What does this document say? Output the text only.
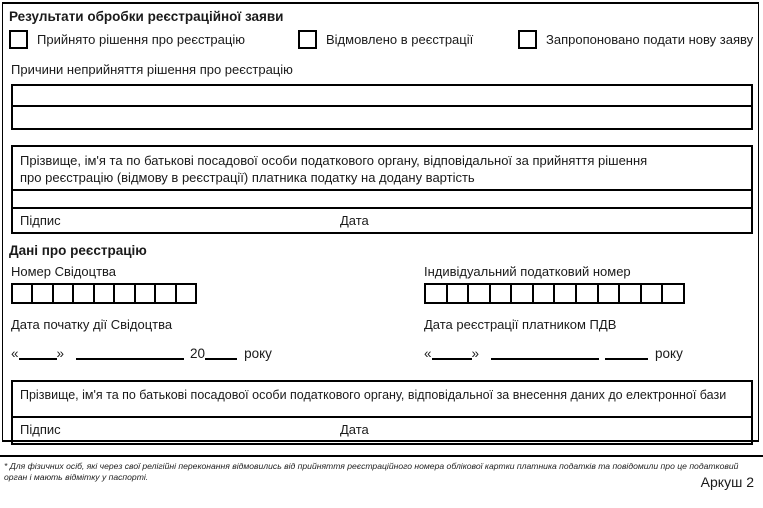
Результати обробки реєстраційної заяви
Прийнято рішення про реєстрацію	Відмовлено в реєстрації	Запропоновано подати нову заяву
Причини неприйняття рішення про реєстрацію
Прізвище, ім'я та по батькові посадової особи податкового органу, відповідальної за прийняття рішення про реєстрацію (відмову в реєстрації) платника податку на додану вартість
Підпис	Дата
Дані про реєстрацію
Номер Свідоцтва	Індивідуальний податковий номер
Дата початку дії Свідоцтва	Дата реєстрації платником ПДВ
«	»	20	року	«	»	року
Прізвище, ім'я та по батькові посадової особи податкового органу, відповідальної за внесення даних до електронної бази
Підпис	Дата
* Для фізичних осіб, які через свої релігійні переконання відмовились від прийняття реєстраційного номера облікової картки платника податків та повідомили про це податковий орган і мають відмітку у паспорті.	Аркуш 2
